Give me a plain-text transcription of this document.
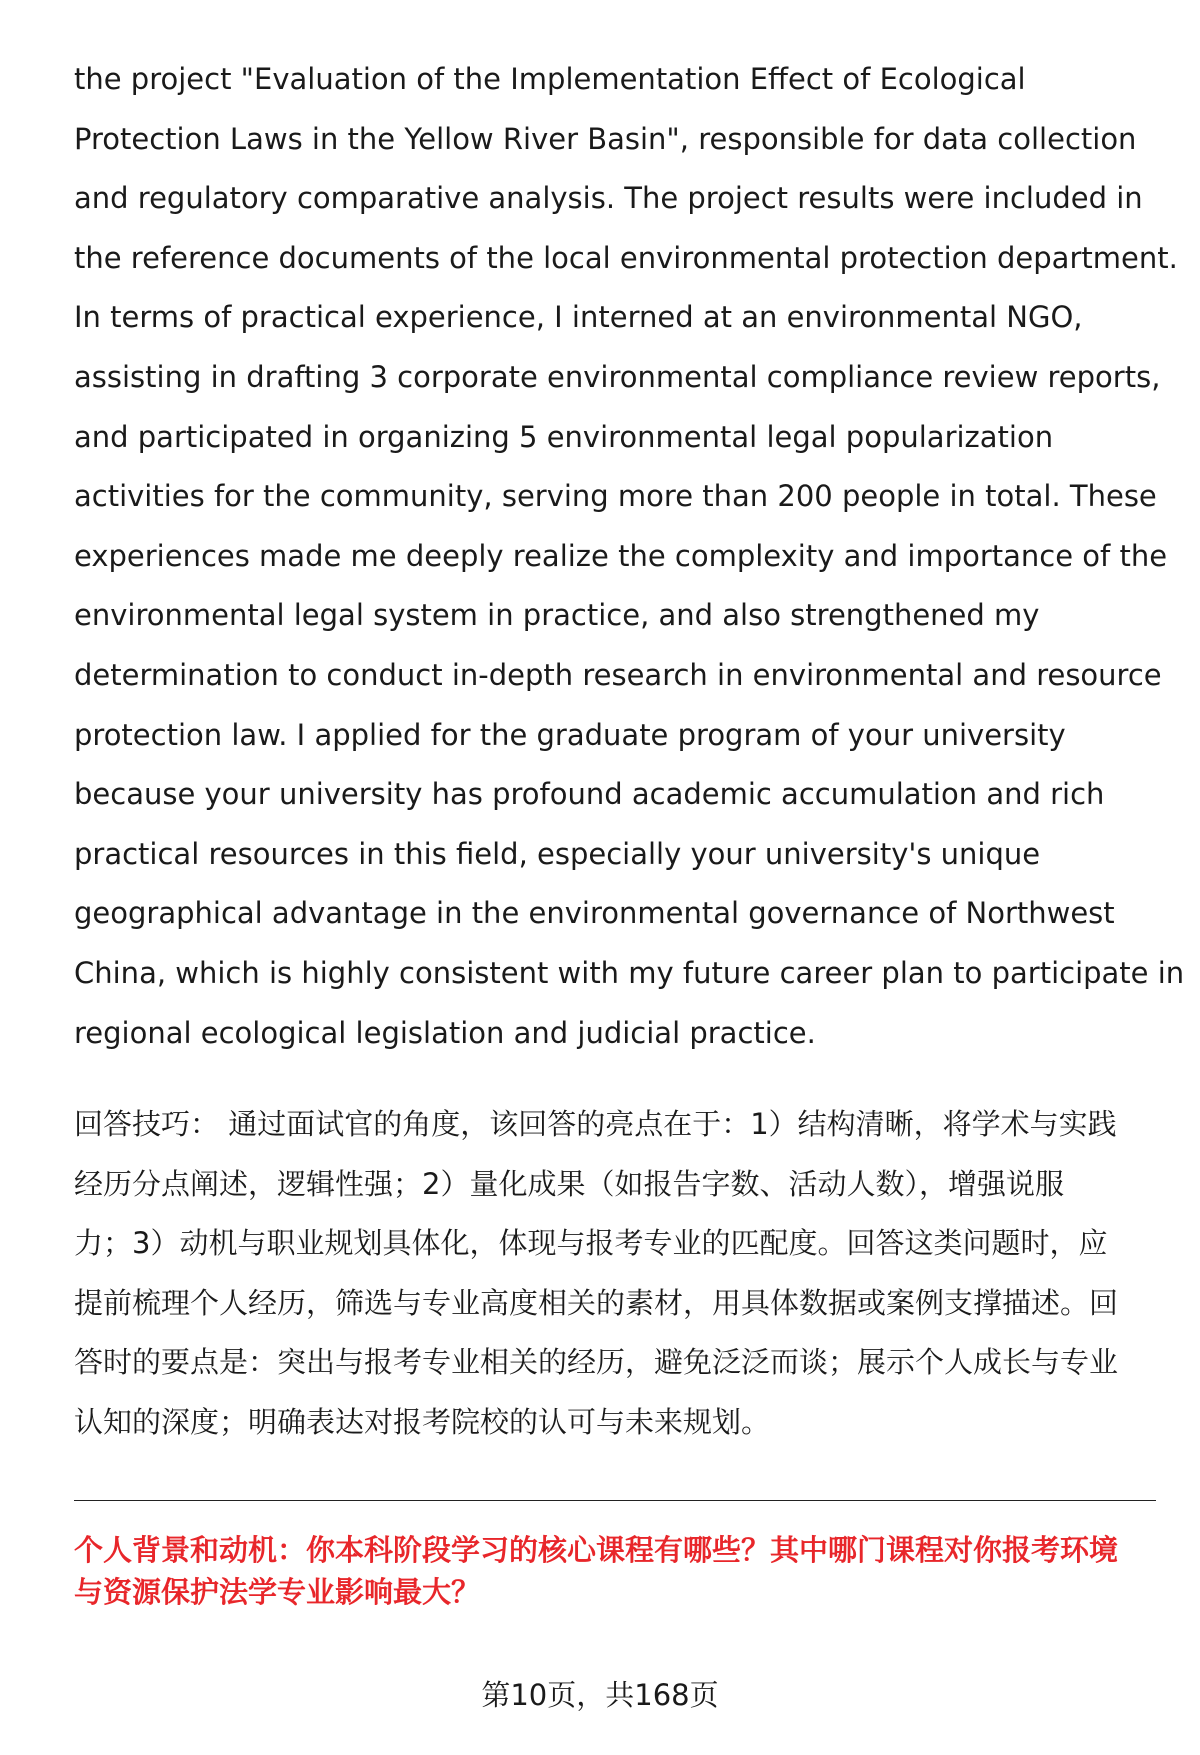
the project "Evaluation of the Implementation Effect of Ecological
Protection Laws in the Yellow River Basin", responsible for data collection
and regulatory comparative analysis. The project results were included in
the reference documents of the local environmental protection department.
In terms of practical experience, I interned at an environmental NGO,
assisting in drafting 3 corporate environmental compliance review reports,
and participated in organizing 5 environmental legal popularization
activities for the community, serving more than 200 people in total. These
experiences made me deeply realize the complexity and importance of the
environmental legal system in practice, and also strengthened my
determination to conduct in-depth research in environmental and resource
protection law. I applied for the graduate program of your university
because your university has profound academic accumulation and rich
practical resources in this field, especially your university's unique
geographical advantage in the environmental governance of Northwest
China, which is highly consistent with my future career plan to participate in
regional ecological legislation and judicial practice.
回答技巧： 通过面试官的角度，该回答的亮点在于：1）结构清晰，将学术与实践
经历分点阐述，逻辑性强；2）量化成果（如报告字数、活动人数），增强说服
力；3）动机与职业规划具体化，体现与报考专业的匹配度。回答这类问题时，应
提前梳理个人经历，筛选与专业高度相关的素材，用具体数据或案例支撑描述。回
答时的要点是：突出与报考专业相关的经历，避免泛泛而谈；展示个人成长与专业
认知的深度；明确表达对报考院校的认可与未来规划。
个人背景和动机：你本科阶段学习的核心课程有哪些？其中哪门课程对你报考环境
与资源保护法学专业影响最大？
第10页，共168页
